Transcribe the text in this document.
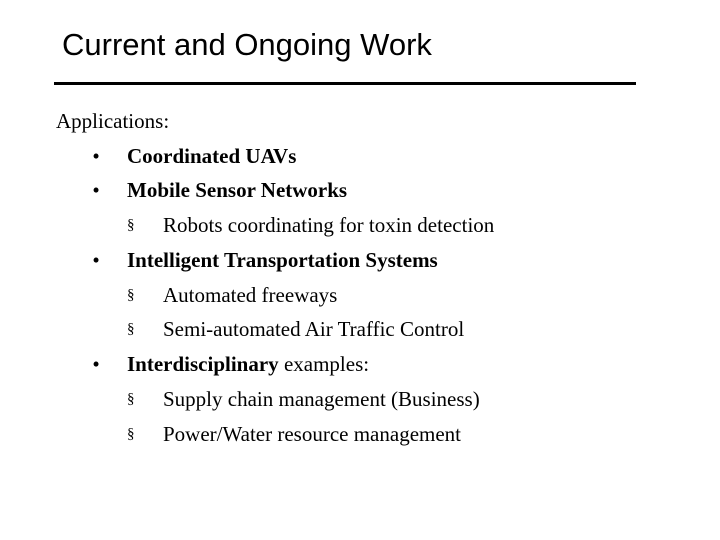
Current and Ongoing Work
Applications:
• Coordinated UAVs
• Mobile Sensor Networks
§ Robots coordinating for toxin detection
• Intelligent Transportation Systems
§ Automated freeways
§ Semi-automated Air Traffic Control
• Interdisciplinary examples:
§ Supply chain management (Business)
§ Power/Water resource management
